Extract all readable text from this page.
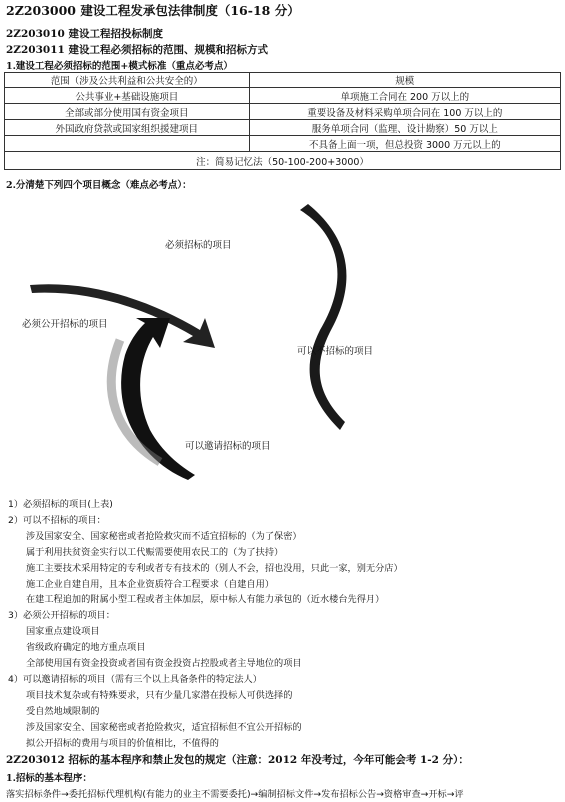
2Z203000 建设工程发承包法律制度（16-18 分）
2Z203010 建设工程招投标制度
2Z203011 建设工程必须招标的范围、规模和招标方式
1.建设工程必须招标的范围+模式标准（重点必考点）
范围（涉及公共利益和公共安全的）	规模
公共事业+基础设施项目	单项施工合同在 200 万以上的
全部或部分使用国有资金项目	重要设备及材料采购单项合同在 100 万以上的
外国政府贷款或国家组织援建项目	服务单项合同（监理、设计勘察）50 万以上
	不具备上面一项，但总投资 3000 万元以上的
注：简易记忆法（50-100-200+3000）	
2.分清楚下列四个项目概念（难点必考点）：
必须招标的项目
必须公开招标的项目
可以不招标的项目
可以邀请招标的项目
1）必须招标的项目(上表)
2）可以不招标的项目：
涉及国家安全、国家秘密或者抢险救灾而不适宜招标的（为了保密）
属于利用扶贫资金实行以工代赈需要使用农民工的（为了扶持）
施工主要技术采用特定的专利或者专有技术的（别人不会，招也没用，只此一家，别无分店）
施工企业自建自用，且本企业资质符合工程要求（自建自用）
在建工程追加的附属小型工程或者主体加层，原中标人有能力承包的（近水楼台先得月）
3）必须公开招标的项目：
国家重点建设项目
省级政府确定的地方重点项目
全部使用国有资金投资或者国有资金投资占控股或者主导地位的项目
4）可以邀请招标的项目（需有三个以上具备条件的特定法人）
项目技术复杂或有特殊要求，只有少量几家潜在投标人可供选择的
受自然地域限制的
涉及国家安全、国家秘密或者抢险救灾，适宜招标但不宜公开招标的
拟公开招标的费用与项目的价值相比，不值得的
2Z203012 招标的基本程序和禁止发包的规定（注意：2012 年没考过，今年可能会考 1-2 分）：
1.招标的基本程序：
落实招标条件→委托招标代理机构(有能力的业主不需要委托)→编制招标文件→发布招标公告→资格审查→开标→评
